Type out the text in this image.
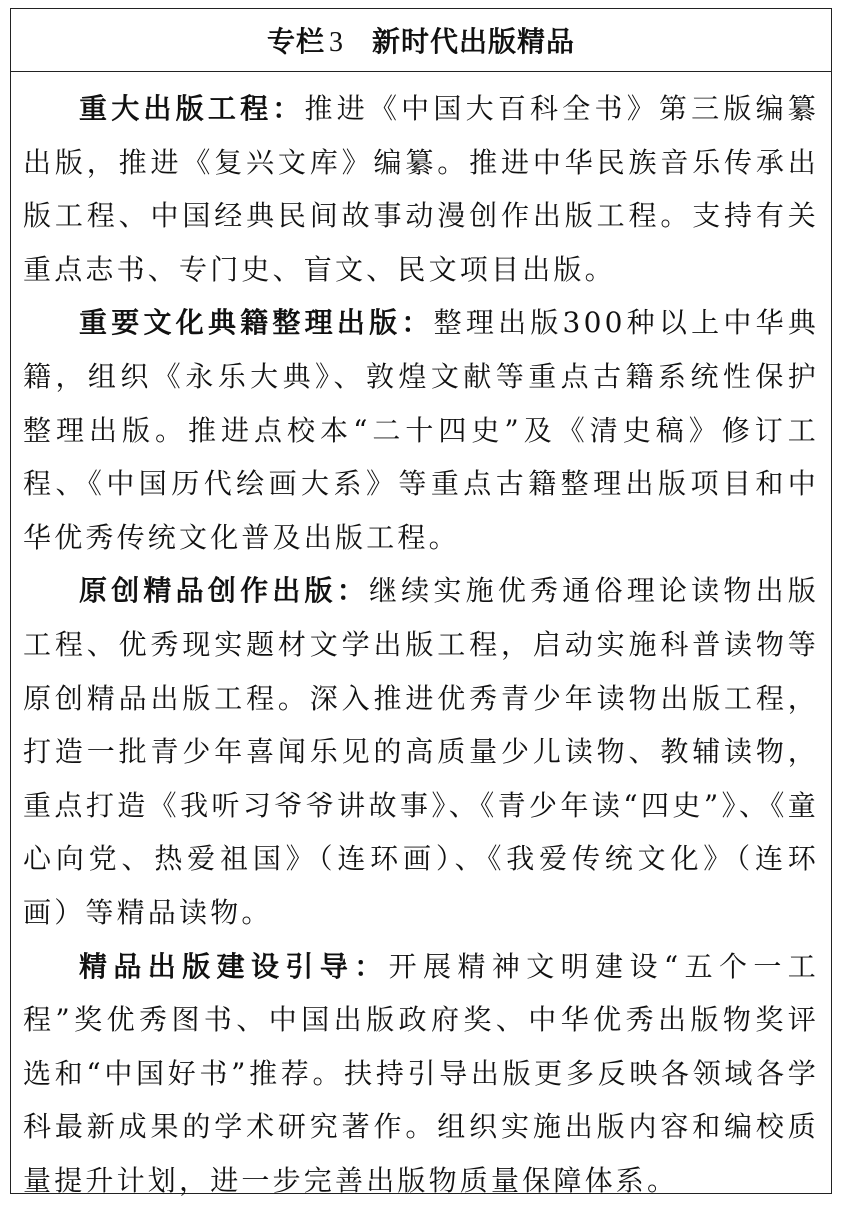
专栏 3 新时代出版精品

重大出版工程：推进《中国大百科全书》第三版编纂出版，推进《复兴文库》编纂。推进中华民族音乐传承出版工程、中国经典民间故事动漫创作出版工程。支持有关重点志书、专门史、盲文、民文项目出版。

重要文化典籍整理出版：整理出版300种以上中华典籍，组织《永乐大典》、敦煌文献等重点古籍系统性保护整理出版。推进点校本“二十四史”及《清史稿》修订工程、《中国历代绘画大系》等重点古籍整理出版项目和中华优秀传统文化普及出版工程。

原创精品创作出版：继续实施优秀通俗理论读物出版工程、优秀现实题材文学出版工程，启动实施科普读物等原创精品出版工程。深入推进优秀青少年读物出版工程，打造一批青少年喜闻乐见的高质量少儿读物、教辅读物，重点打造《我听习爷爷讲故事》、《青少年读“四史”》、《童心向党、热爱祖国》（连环画）、《我爱传统文化》（连环画）等精品读物。

精品出版建设引导：开展精神文明建设“五个一工程”奖优秀图书、中国出版政府奖、中华优秀出版物奖评选和“中国好书”推荐。扶持引导出版更多反映各领域各学科最新成果的学术研究著作。组织实施出版内容和编校质量提升计划，进一步完善出版物质量保障体系。
